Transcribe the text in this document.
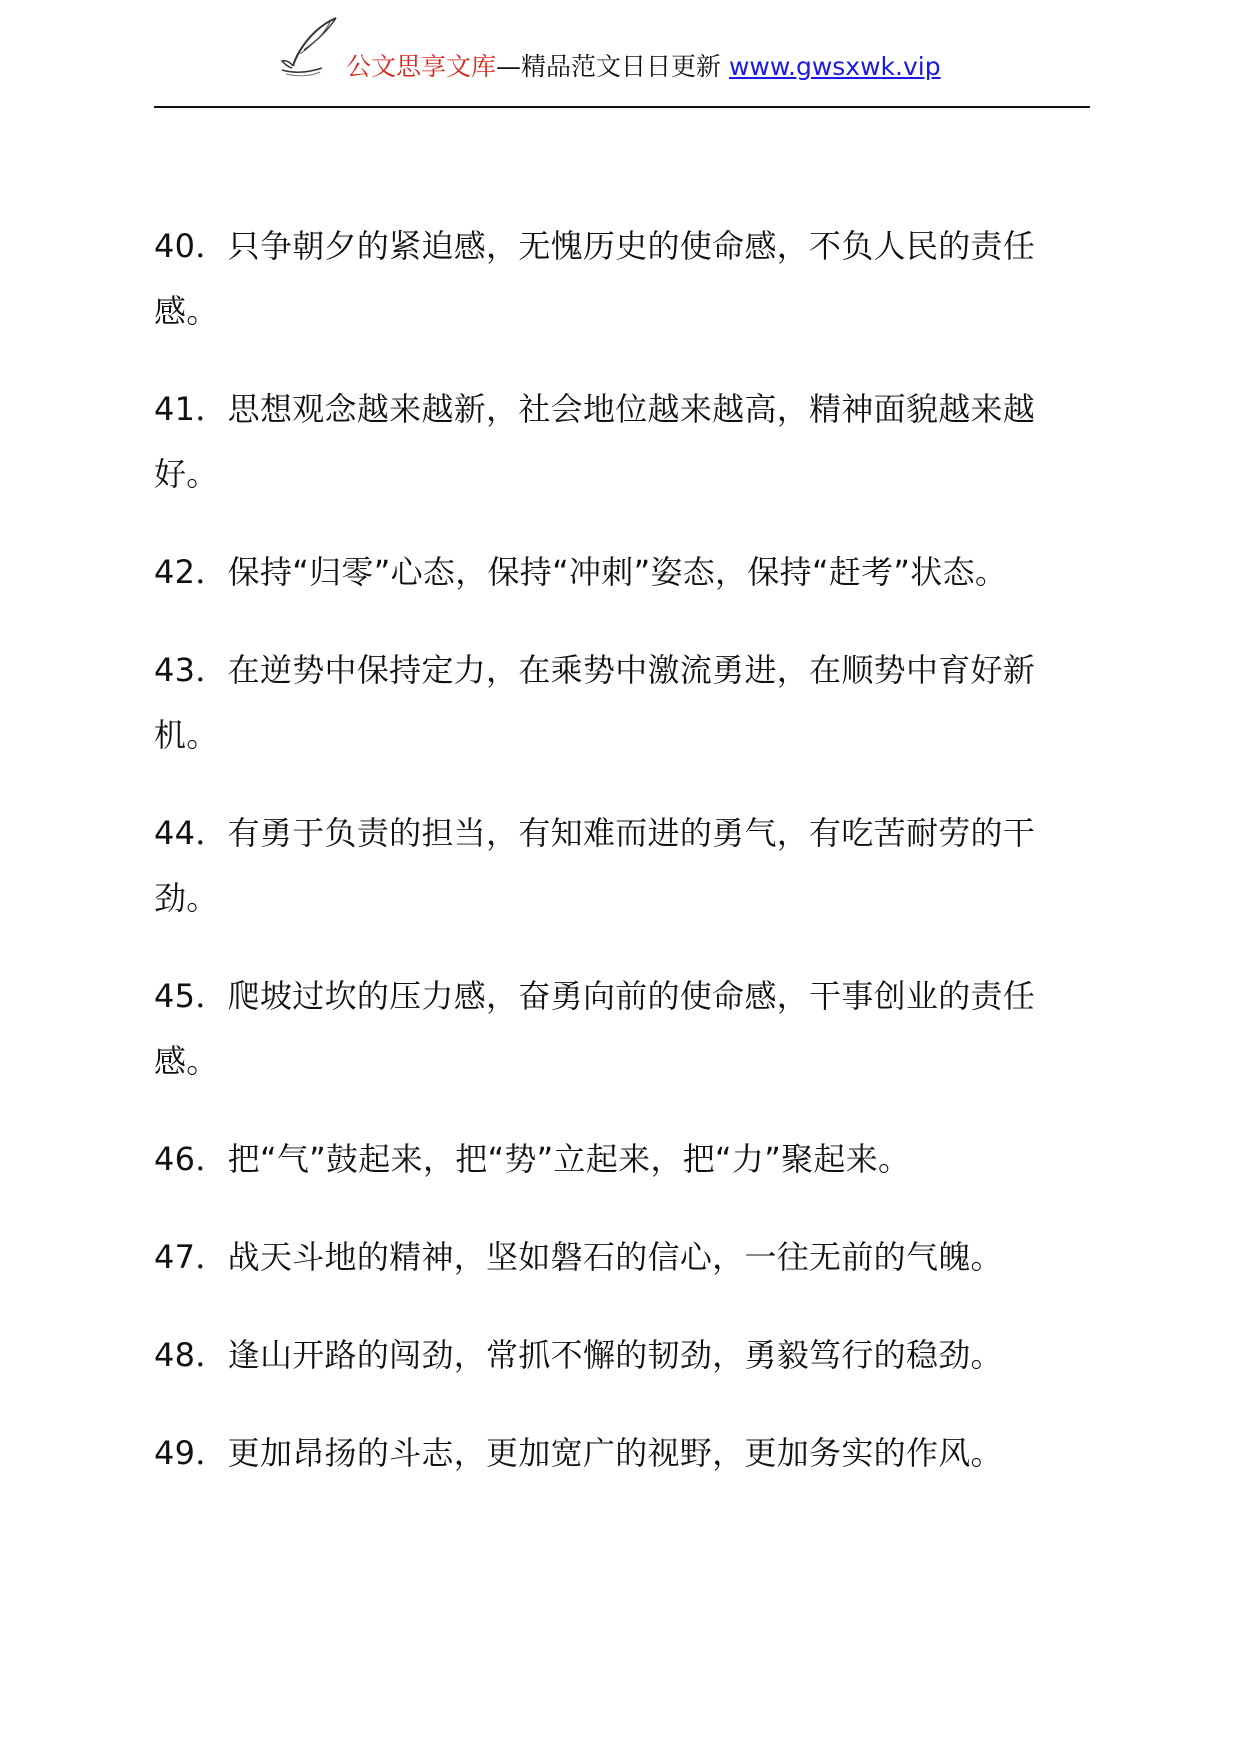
公文思享文库—精品范文日日更新 www.gwsxwk.vip

40．只争朝夕的紧迫感，无愧历史的使命感，不负人民的责任感。

41．思想观念越来越新，社会地位越来越高，精神面貌越来越好。

42．保持“归零”心态，保持“冲刺”姿态，保持“赶考”状态。

43．在逆势中保持定力，在乘势中激流勇进，在顺势中育好新机。

44．有勇于负责的担当，有知难而进的勇气，有吃苦耐劳的干劲。

45．爬坡过坎的压力感，奋勇向前的使命感，干事创业的责任感。

46．把“气”鼓起来，把“势”立起来，把“力”聚起来。

47．战天斗地的精神，坚如磐石的信心，一往无前的气魄。

48．逢山开路的闯劲，常抓不懈的韧劲，勇毅笃行的稳劲。

49．更加昂扬的斗志，更加宽广的视野，更加务实的作风。
